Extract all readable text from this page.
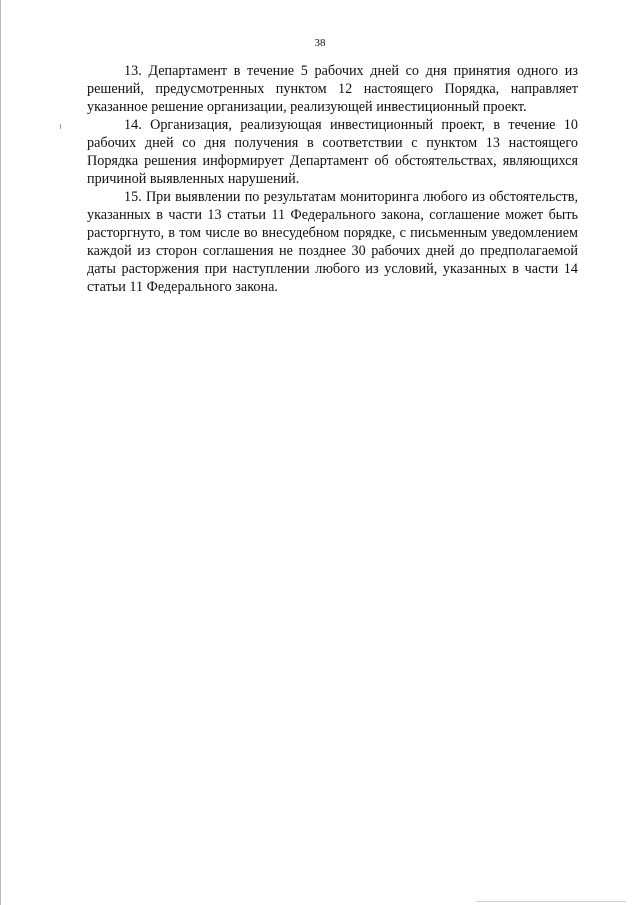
38

13. Департамент в течение 5 рабочих дней со дня принятия одного из решений, предусмотренных пунктом 12 настоящего Порядка, направляет указанное решение организации, реализующей инвестиционный проект.

14. Организация, реализующая инвестиционный проект, в течение 10 рабочих дней со дня получения в соответствии с пунктом 13 настоящего Порядка решения информирует Департамент об обстоятельствах, являющихся причиной выявленных нарушений.

15. При выявлении по результатам мониторинга любого из обстоятельств, указанных в части 13 статьи 11 Федерального закона, соглашение может быть расторгнуто, в том числе во внесудебном порядке, с письменным уведомлением каждой из сторон соглашения не позднее 30 рабочих дней до предполагаемой даты расторжения при наступлении любого из условий, указанных в части 14 статьи 11 Федерального закона.
